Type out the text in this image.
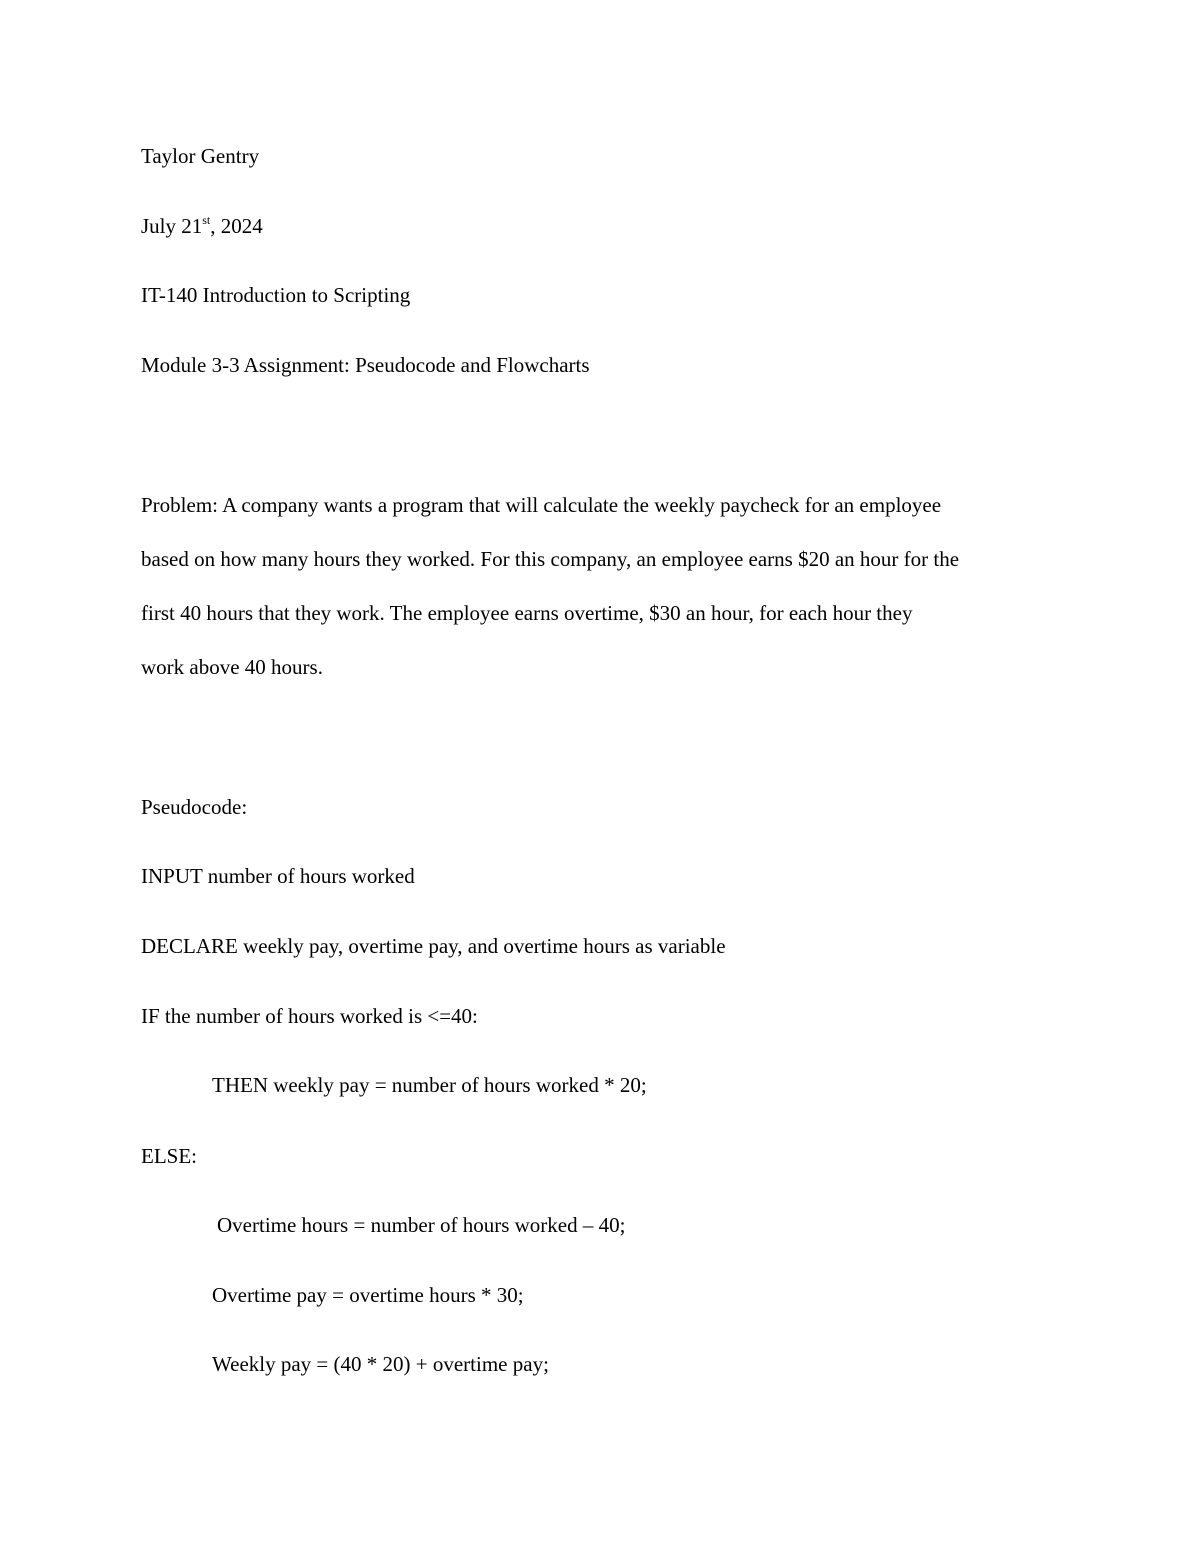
Taylor Gentry
July 21st, 2024
IT-140 Introduction to Scripting
Module 3-3 Assignment: Pseudocode and Flowcharts
Problem: A company wants a program that will calculate the weekly paycheck for an employee
based on how many hours they worked. For this company, an employee earns $20 an hour for the
first 40 hours that they work. The employee earns overtime, $30 an hour, for each hour they
work above 40 hours.
Pseudocode:
INPUT number of hours worked
DECLARE weekly pay, overtime pay, and overtime hours as variable
IF the number of hours worked is <=40:
THEN weekly pay = number of hours worked * 20;
ELSE:
Overtime hours = number of hours worked – 40;
Overtime pay = overtime hours * 30;
Weekly pay = (40 * 20) + overtime pay;
